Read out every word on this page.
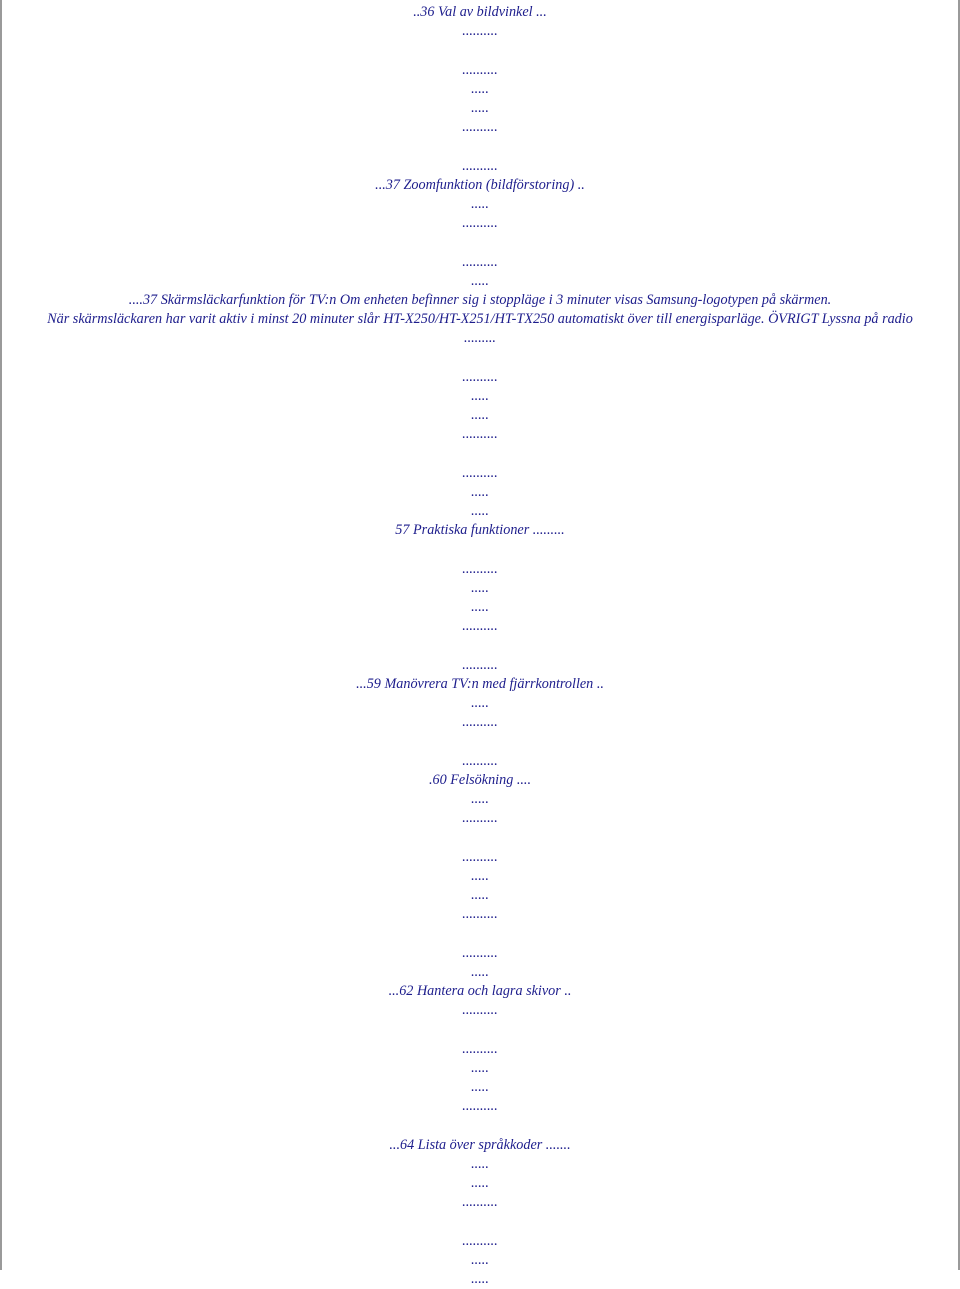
..36 Val av bildvinkel ...
..........
..........
.....
.....
..........
..........
...37 Zoomfunktion (bildförstoring) ..
.....
..........
..........
.....
....37 Skärmsläckarfunktion för TV:n Om enheten befinner sig i stoppläge i 3 minuter visas Samsung-logotypen på skärmen.
När skärmsläckaren har varit aktiv i minst 20 minuter slår HT-X250/HT-X251/HT-TX250 automatiskt över till energisparläge. ÖVRIGT Lyssna på radio
.........
..........
.....
.....
..........
..........
.....
.....
57 Praktiska funktioner .........
..........
.....
.....
..........
..........
...59 Manövrera TV:n med fjärrkontrollen ..
.....
..........
..........
.60 Felsökning ....
.....
..........
..........
.....
.....
..........
..........
.....
...62 Hantera och lagra skivor ..
..........
..........
.....
.....
..........
...64 Lista över språkkoder .......
.....
.....
..........
..........
.....
.....
